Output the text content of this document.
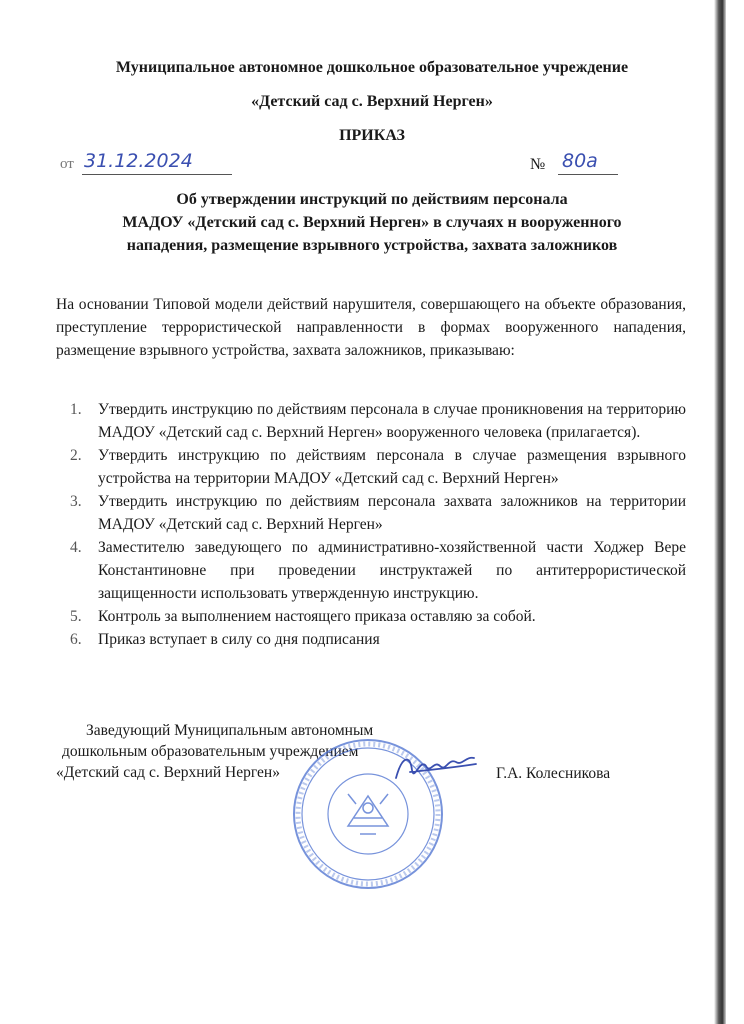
Муниципальное автономное дошкольное образовательное учреждение
«Детский сад с. Верхний Нерген»
ПРИКАЗ
от 31.12.2024	№ 80а
Об утверждении инструкций по действиям персонала
МАДОУ «Детский сад с. Верхний Нерген» в случаях н вооруженного
нападения, размещение взрывного устройства, захвата заложников
На основании Типовой модели действий нарушителя, совершающего на объекте образования, преступление террористической направленности в формах вооруженного нападения, размещение взрывного устройства, захвата заложников, приказываю:
1. Утвердить инструкцию по действиям персонала в случае проникновения на территорию МАДОУ «Детский сад с. Верхний Нерген» вооруженного человека (прилагается).
2. Утвердить инструкцию по действиям персонала в случае размещения взрывного устройства на территории МАДОУ «Детский сад с. Верхний Нерген»
3. Утвердить инструкцию по действиям персонала захвата заложников на территории МАДОУ «Детский сад с. Верхний Нерген»
4. Заместителю заведующего по административно-хозяйственной части Ходжер Вере Константиновне при проведении инструктажей по антитеррористической защищенности использовать утвержденную инструкцию.
5. Контроль за выполнением настоящего приказа оставляю за собой.
6. Приказ вступает в силу со дня подписания
Заведующий Муниципальным автономным
дошкольным образовательным учреждением
«Детский сад с. Верхний Нерген»	Г.А. Колесникова
